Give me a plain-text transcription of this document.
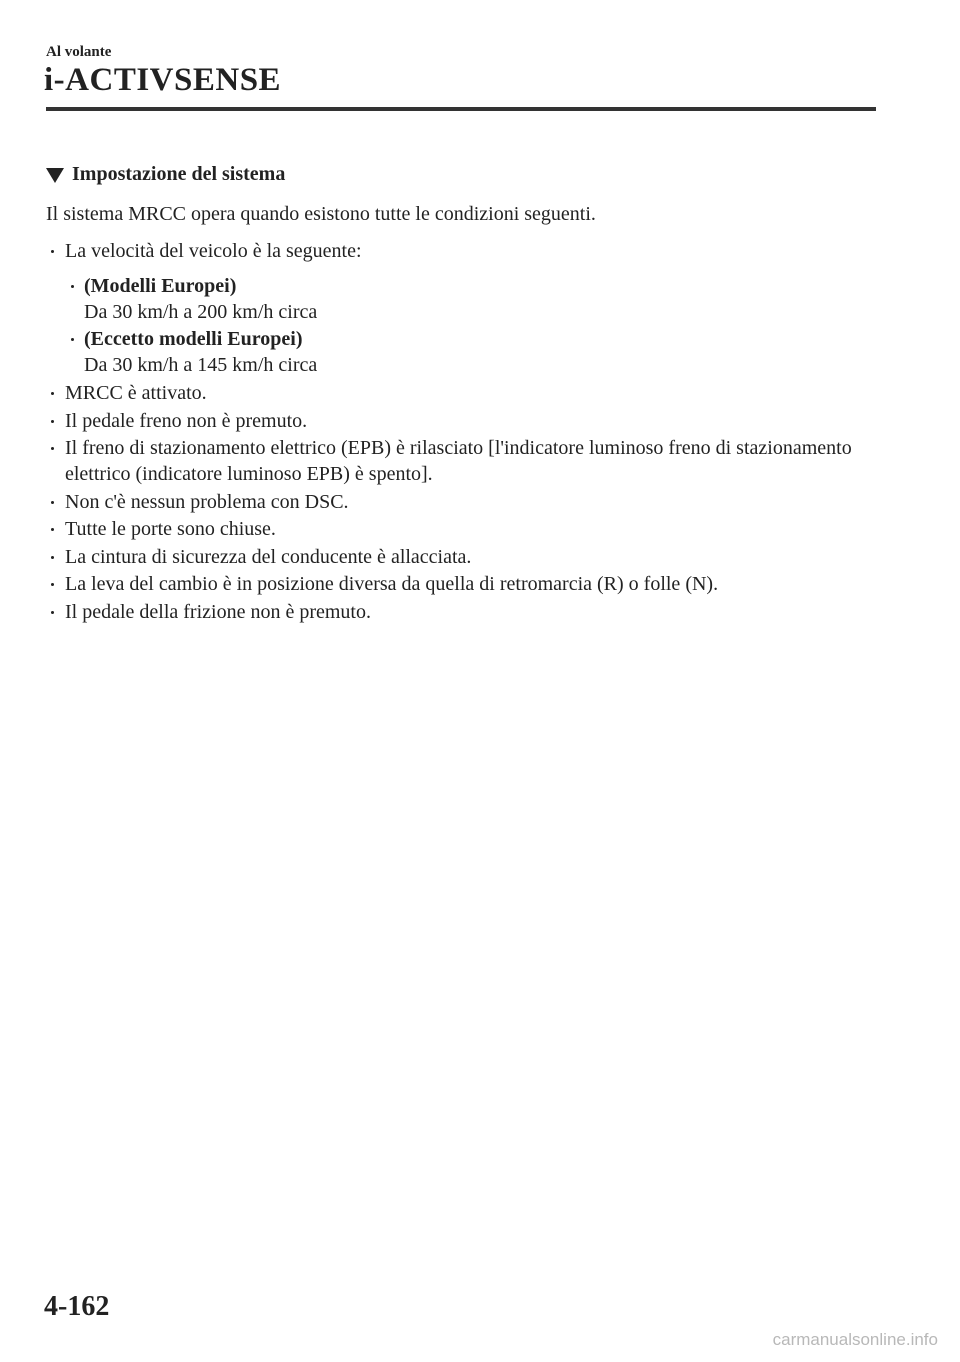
Al volante
i-ACTIVSENSE
Impostazione del sistema

Il sistema MRCC opera quando esistono tutte le condizioni seguenti.

La velocità del veicolo è la seguente:
(Modelli Europei)
Da 30 km/h a 200 km/h circa
(Eccetto modelli Europei)
Da 30 km/h a 145 km/h circa
MRCC è attivato.
Il pedale freno non è premuto.
Il freno di stazionamento elettrico (EPB) è rilasciato [l'indicatore luminoso freno di stazionamento elettrico (indicatore luminoso EPB) è spento].
Non c'è nessun problema con DSC.
Tutte le porte sono chiuse.
La cintura di sicurezza del conducente è allacciata.
La leva del cambio è in posizione diversa da quella di retromarcia (R) o folle (N).
Il pedale della frizione non è premuto.
4-162
carmanualsonline.info
